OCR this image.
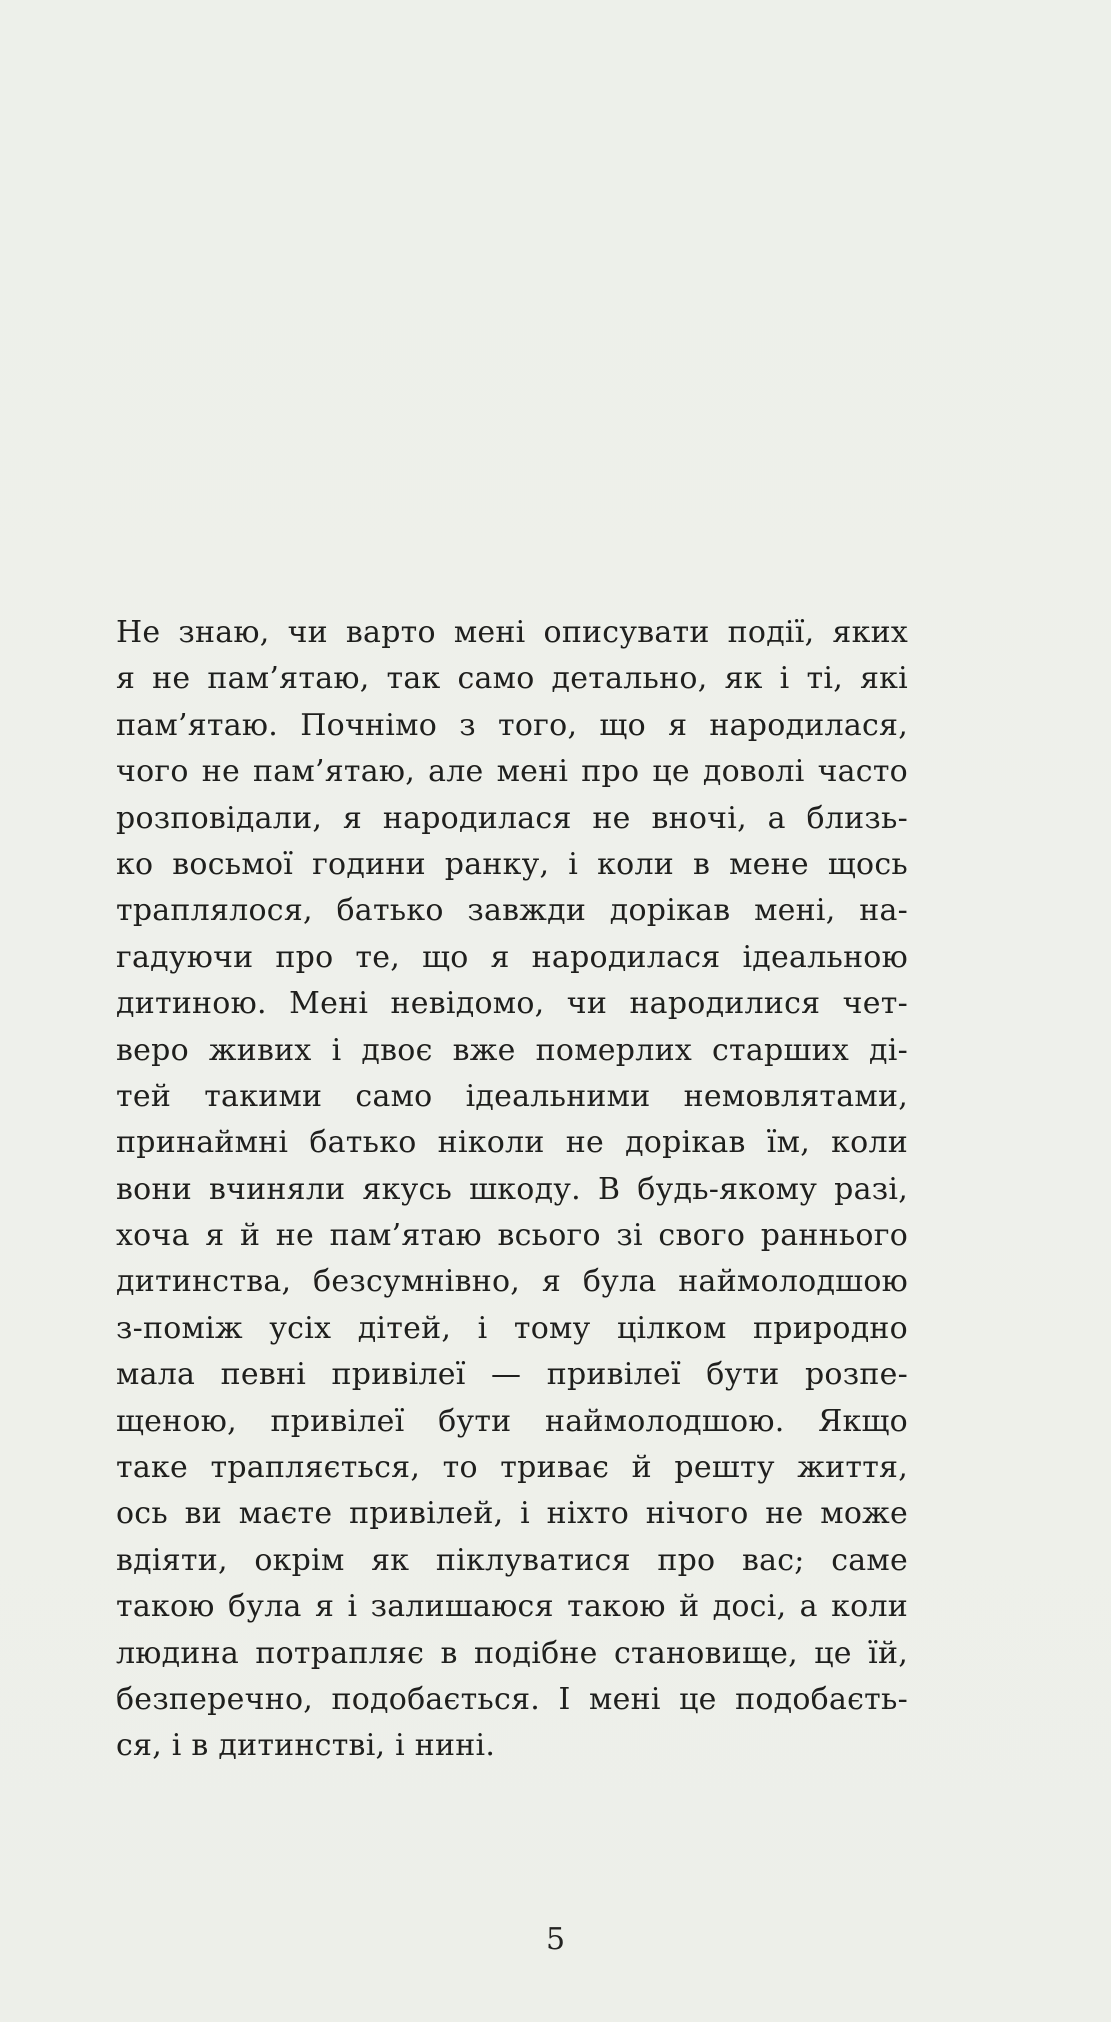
Не знаю, чи варто мені описувати події, яких
я не пам’ятаю, так само детально, як і ті, які
пам’ятаю. Почнімо з того, що я народилася,
чого не пам’ятаю, але мені про це доволі часто
розповідали, я народилася не вночі, а близь-
ко восьмої години ранку, і коли в мене щось
траплялося, батько завжди дорікав мені, на-
гадуючи про те, що я народилася ідеальною
дитиною. Мені невідомо, чи народилися чет-
веро живих і двоє вже померлих старших ді-
тей такими само ідеальними немовлятами,
принаймні батько ніколи не дорікав їм, коли
вони вчиняли якусь шкоду. В будь-якому разі,
хоча я й не пам’ятаю всього зі свого раннього
дитинства, безсумнівно, я була наймолодшою
з-поміж усіх дітей, і тому цілком природно
мала певні привілеї — привілеї бути розпе-
щеною, привілеї бути наймолодшою. Якщо
таке трапляється, то триває й решту життя,
ось ви маєте привілей, і ніхто нічого не може
вдіяти, окрім як піклуватися про вас; саме
такою була я і залишаюся такою й досі, а коли
людина потрапляє в подібне становище, це їй,
безперечно, подобається. І мені це подобаєть-
ся, і в дитинстві, і нині.
5
